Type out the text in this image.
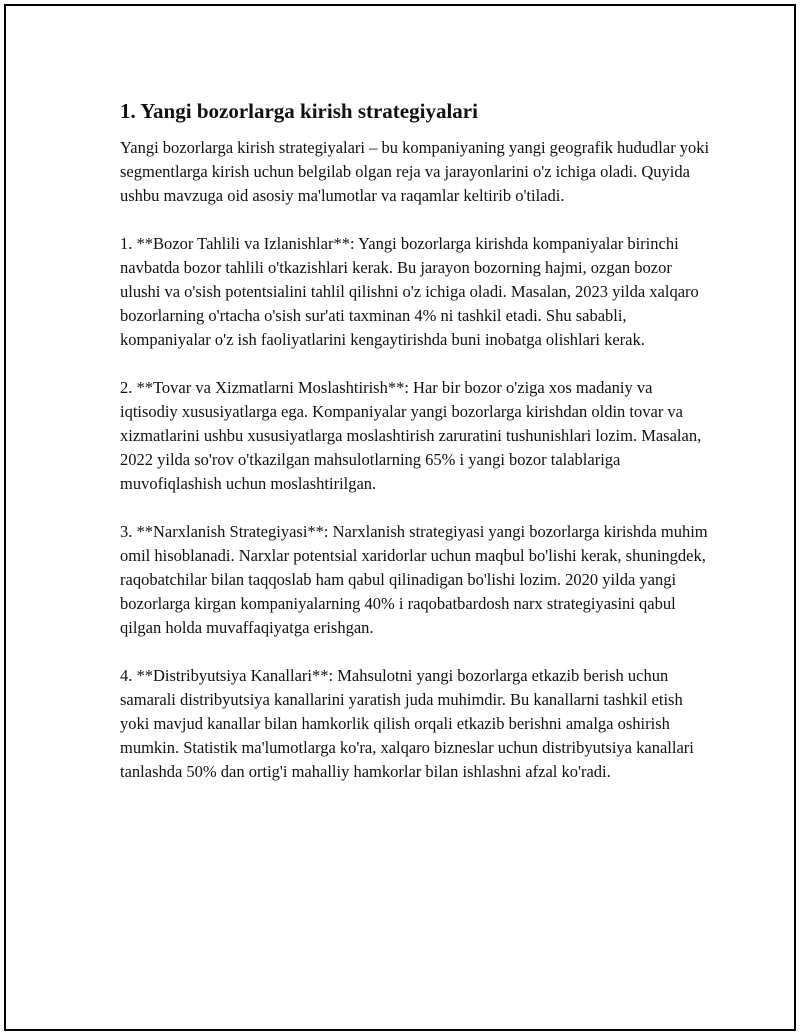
1. Yangi bozorlarga kirish strategiyalari

Yangi bozorlarga kirish strategiyalari – bu kompaniyaning yangi geografik hududlar yoki segmentlarga kirish uchun belgilab olgan reja va jarayonlarini o'z ichiga oladi. Quyida ushbu mavzuga oid asosiy ma'lumotlar va raqamlar keltirib o'tiladi.

1. **Bozor Tahlili va Izlanishlar**: Yangi bozorlarga kirishda kompaniyalar birinchi navbatda bozor tahlili o'tkazishlari kerak. Bu jarayon bozorning hajmi, ozgan bozor ulushi va o'sish potentsialini tahlil qilishni o'z ichiga oladi. Masalan, 2023 yilda xalqaro bozorlarning o'rtacha o'sish sur'ati taxminan 4% ni tashkil etadi. Shu sababli, kompaniyalar o'z ish faoliyatlarini kengaytirishda buni inobatga olishlari kerak.

2. **Tovar va Xizmatlarni Moslashtirish**: Har bir bozor o'ziga xos madaniy va iqtisodiy xususiyatlarga ega. Kompaniyalar yangi bozorlarga kirishdan oldin tovar va xizmatlarini ushbu xususiyatlarga moslashtirish zaruratini tushunishlari lozim. Masalan, 2022 yilda so'rov o'tkazilgan mahsulotlarning 65% i yangi bozor talablariga muvofiqlashish uchun moslashtirilgan.

3. **Narxlanish Strategiyasi**: Narxlanish strategiyasi yangi bozorlarga kirishda muhim omil hisoblanadi. Narxlar potentsial xaridorlar uchun maqbul bo'lishi kerak, shuningdek, raqobatchilar bilan taqqoslab ham qabul qilinadigan bo'lishi lozim. 2020 yilda yangi bozorlarga kirgan kompaniyalarning 40% i raqobatbardosh narx strategiyasini qabul qilgan holda muvaffaqiyatga erishgan.

4. **Distribyutsiya Kanallari**: Mahsulotni yangi bozorlarga etkazib berish uchun samarali distribyutsiya kanallarini yaratish juda muhimdir. Bu kanallarni tashkil etish yoki mavjud kanallar bilan hamkorlik qilish orqali etkazib berishni amalga oshirish mumkin. Statistik ma'lumotlarga ko'ra, xalqaro bizneslar uchun distribyutsiya kanallari tanlashda 50% dan ortig'i mahalliy hamkorlar bilan ishlashni afzal ko'radi.
